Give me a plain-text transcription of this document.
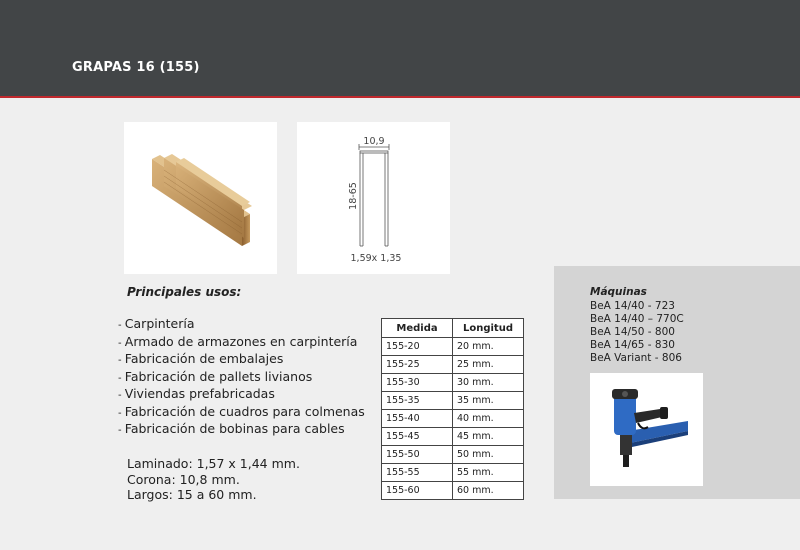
GRAPAS 16 (155)
10,9
18-65
1,59x 1,35
Principales usos:
- Carpintería
- Armado de armazones en carpintería
- Fabricación de embalajes
- Fabricación de pallets livianos
- Viviendas prefabricadas
- Fabricación de cuadros para colmenas
- Fabricación de bobinas para cables
Laminado: 1,57 x 1,44 mm.
Corona: 10,8 mm.
Largos: 15 a 60 mm.
Medida	Longitud
155-20	20 mm.
155-25	25 mm.
155-30	30 mm.
155-35	35 mm.
155-40	40 mm.
155-45	45 mm.
155-50	50 mm.
155-55	55 mm.
155-60	60 mm.
Máquinas
BeA 14/40 - 723
BeA 14/40 – 770C
BeA 14/50 - 800
BeA 14/65 - 830
BeA Variant - 806
